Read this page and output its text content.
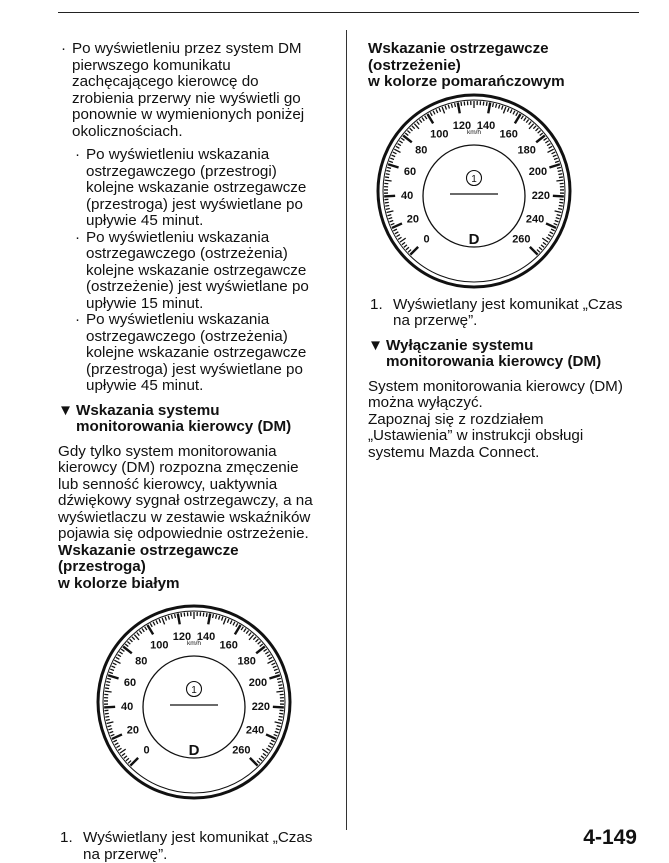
· Po wyświetleniu przez system DM
pierwszego komunikatu
zachęcającego kierowcę do
zrobienia przerwy nie wyświetli go
ponownie w wymienionych poniżej
okolicznościach.
· Po wyświetleniu wskazania
ostrzegawczego (przestrogi)
kolejne wskazanie ostrzegawcze
(przestroga) jest wyświetlane po
upływie 45 minut.
· Po wyświetleniu wskazania
ostrzegawczego (ostrzeżenia)
kolejne wskazanie ostrzegawcze
(ostrzeżenie) jest wyświetlane po
upływie 15 minut.
· Po wyświetleniu wskazania
ostrzegawczego (ostrzeżenia)
kolejne wskazanie ostrzegawcze
(przestroga) jest wyświetlane po
upływie 45 minut.
▼ Wskazania systemu
monitorowania kierowcy (DM)
Gdy tylko system monitorowania
kierowcy (DM) rozpozna zmęczenie
lub senność kierowcy, uaktywnia
dźwiękowy sygnał ostrzegawczy, a na
wyświetlaczu w zestawie wskaźników
pojawia się odpowiednie ostrzeżenie.
Wskazanie ostrzegawcze (przestroga)
w kolorze białym
0
20
40
60
80
100
120 140
160
180
200
220
240
260
km/h
1
D
1. Wyświetlany jest komunikat „Czas
na przerwę”.
Wskazanie ostrzegawcze (ostrzeżenie)
w kolorze pomarańczowym
0
20
40
60
80
100
120 140
160
180
200
220
240
260
km/h
1
D
1. Wyświetlany jest komunikat „Czas
na przerwę”.
▼ Wyłączanie systemu
monitorowania kierowcy (DM)
System monitorowania kierowcy (DM)
można wyłączyć.
Zapoznaj się z rozdziałem
„Ustawienia” w instrukcji obsługi
systemu Mazda Connect.
4-149
